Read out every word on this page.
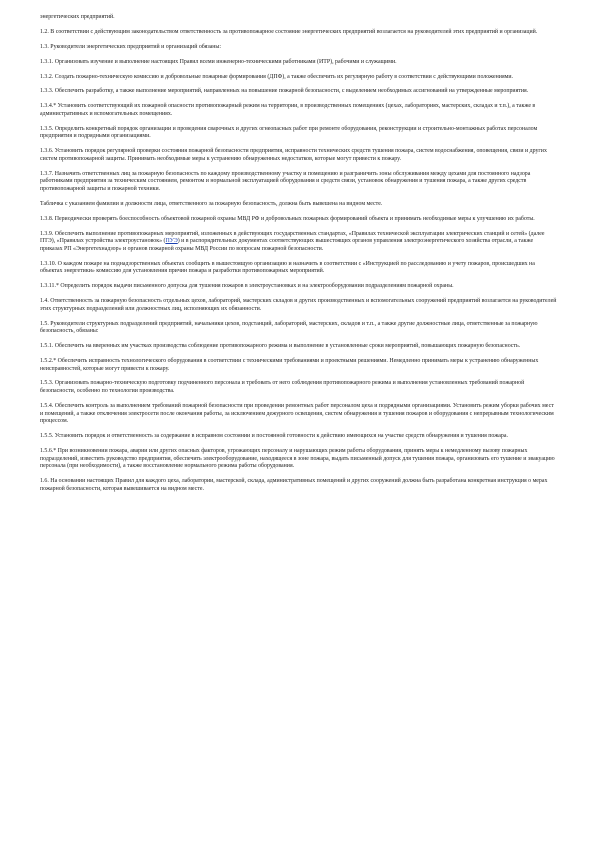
энергетических предприятий.

1.2. В соответствии с действующим законодательством ответственность за противопожарное состояние энергетических предприятий возлагается на руководителей этих предприятий и организаций.

1.3. Руководители энергетических предприятий и организаций обязаны:

1.3.1. Организовать изучение и выполнение настоящих Правил всеми инженерно-техническими работниками (ИТР), рабочими и служащими.

1.3.2. Создать пожарно-техническую комиссию и добровольные пожарные формирования (ДПФ), а также обеспечить их регулярную работу в соответствии с действующими положениями.

1.3.3. Обеспечить разработку, а также выполнение мероприятий, направленных на повышение пожарной безопасности, с выделением необходимых ассигнований на утвержденные мероприятия.

1.3.4.* Установить соответствующий их пожарной опасности противопожарный режим на территории, в производственных помещениях (цехах, лабораториях, мастерских, складах и т.п.), а также в административных и вспомогательных помещениях.

1.3.5. Определить конкретный порядок организации и проведения сварочных и других огнеопасных работ при ремонте оборудования, реконструкции и строительно-монтажных работах персоналом предприятия и подрядными организациями.

1.3.6. Установить порядок регулярной проверки состояния пожарной безопасности предприятия, исправности технических средств тушения пожара, систем водоснабжения, оповещения, связи и других систем противопожарной защиты. Принимать необходимые меры к устранению обнаруженных недостатков, которые могут привести к пожару.

1.3.7. Назначить ответственных лиц за пожарную безопасность по каждому производственному участку и помещению и разграничить зоны обслуживания между цехами для постоянного надзора работниками предприятия за техническим состоянием, ремонтом и нормальной эксплуатацией оборудования и средств связи, установок обнаружения и тушения пожара, а также других средств противопожарной защиты и пожарной техники.

Табличка с указанием фамилии и должности лица, ответственного за пожарную безопасность, должна быть вывешена на видном месте.

1.3.8. Периодически проверять боеспособность объектовой пожарной охраны МВД РФ и добровольных пожарных формирований объекта и принимать необходимые меры к улучшению их работы.

1.3.9. Обеспечить выполнение противопожарных мероприятий, изложенных в действующих государственных стандартах, «Правилах технической эксплуатации электрических станций и сетей» (далее ПТЭ), «Правилах устройства электроустановок» (ПУЭ) и в распорядительных документах соответствующих вышестоящих органов управления электроэнергетического хозяйства отрасли, а также приказах РП «Энергетехнадзор» и органов пожарной охраны МВД России по вопросам пожарной безопасности.

1.3.10. О каждом пожаре на поднадзорственных объектах сообщить в вышестоящую организацию и назначить в соответствии с «Инструкцией по расследованию и учету пожаров, происшедших на объектах энергетики» комиссию для установления причин пожара и разработки противопожарных мероприятий.

1.3.11.* Определить порядок выдачи письменного допуска для тушения пожаров в электроустановках и на электрооборудовании подразделениям пожарной охраны.

1.4. Ответственность за пожарную безопасность отдельных цехов, лабораторий, мастерских складов и других производственных и вспомогательных сооружений предприятий возлагается на руководителей этих структурных подразделений или должностных лиц, исполняющих их обязанности.

1.5. Руководители структурных подразделений предприятий, начальники цехов, подстанций, лабораторий, мастерских, складов и т.п., а также другие должностные лица, ответственные за пожарную безопасность, обязаны:

1.5.1. Обеспечить на вверенных им участках производства соблюдение противопожарного режима и выполнение в установленные сроки мероприятий, повышающих пожарную безопасность.

1.5.2.* Обеспечить исправность технологического оборудования в соответствии с техническими требованиями и проектными решениями. Немедленно принимать меры к устранению обнаруженных неисправностей, которые могут привести к пожару.

1.5.3. Организовать пожарно-техническую подготовку подчиненного персонала и требовать от него соблюдения противопожарного режима и выполнения установленных требований пожарной безопасности, особенно по технологии производства.

1.5.4. Обеспечить контроль за выполнением требований пожарной безопасности при проведении ремонтных работ персоналом цеха и подрядными организациями. Установить режим уборки рабочих мест и помещений, а также отключения электросети после окончания работы, за исключением дежурного освещения, систем обнаружения и тушения пожаров и оборудования с непрерывным технологическим процессом.

1.5.5. Установить порядок и ответственность за содержание в исправном состоянии и постоянной готовности к действию имеющихся на участке средств обнаружения и тушения пожара.

1.5.6.* При возникновении пожара, аварии или других опасных факторов, угрожающих персоналу и нарушающих режим работы оборудования, принять меры к немедленному вызову пожарных подразделений, известить руководство предприятия, обеспечить электрооборудование, находящееся в зоне пожара, выдать письменный допуск для тушения пожара, организовать его тушение и эвакуацию персонала (при необходимости), а также восстановление нормального режима работы оборудования.

1.6. На основании настоящих Правил для каждого цеха, лаборатории, мастерской, склада, административных помещений и других сооружений должна быть разработана конкретная инструкция о мерах пожарной безопасности, которая вывешивается на видном месте.
